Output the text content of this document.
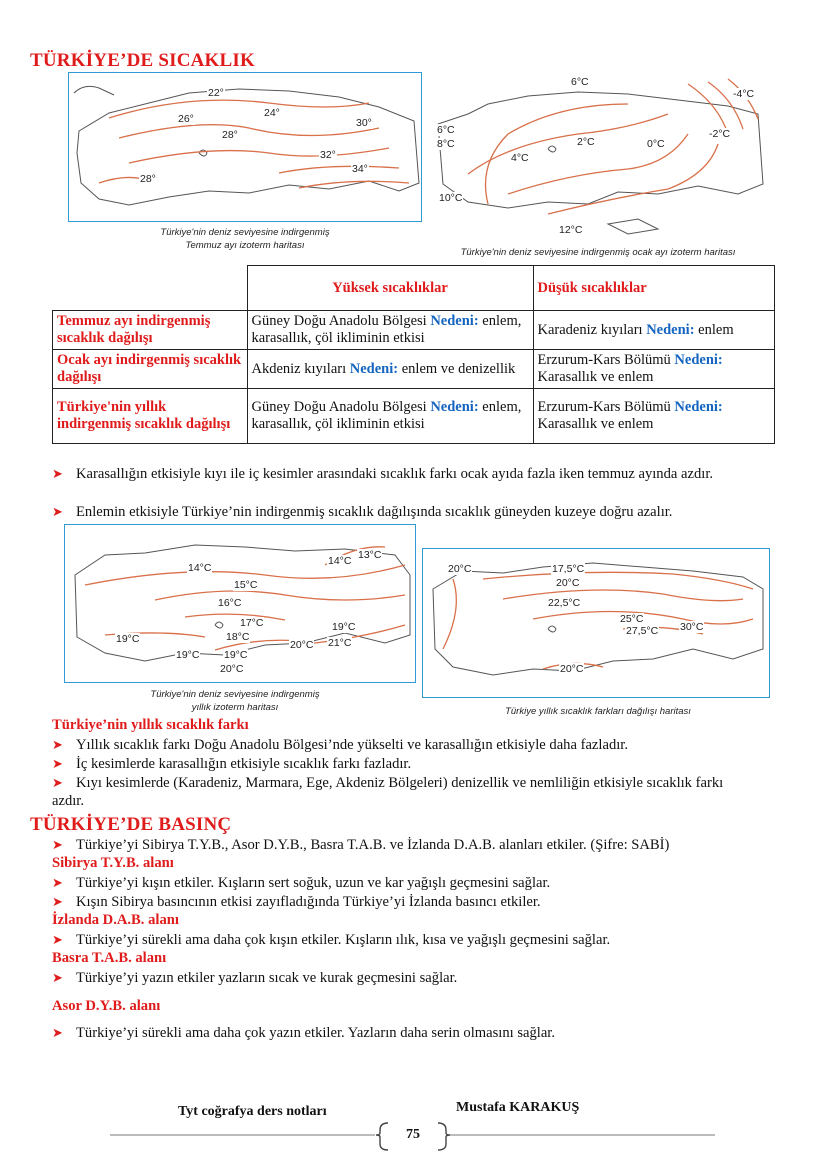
TÜRKİYE’DE SICAKLIK
22°
26°	24°
28°
30°
32°
34°
28°
Türkiye'nin deniz seviyesine indirgenmiş
Temmuz ayı izoterm haritası
6°C
-4°C
6°C
8°C	2°C	0°C
-2°C
4°C
10°C
12°C
Türkiye'nin deniz seviyesine indirgenmiş ocak ayı izoterm haritası
	Yüksek sıcaklıklar	Düşük sıcaklıklar
Temmuz ayı indirgenmiş sıcaklık dağılışı	Güney Doğu Anadolu Bölgesi Nedeni: enlem, karasallık, çöl ikliminin etkisi	Karadeniz kıyıları Nedeni: enlem
Ocak ayı indirgenmiş sıcaklık dağılışı	Akdeniz kıyıları Nedeni: enlem ve denizellik	Erzurum-Kars Bölümü Nedeni: Karasallık ve enlem
Türkiye'nin yıllık indirgenmiş sıcaklık dağılışı	Güney Doğu Anadolu Bölgesi Nedeni: enlem, karasallık, çöl ikliminin etkisi	Erzurum-Kars Bölümü Nedeni: Karasallık ve enlem
➤ Karasallığın etkisiyle kıyı ile iç kesimler arasındaki sıcaklık farkı ocak ayıda fazla iken temmuz ayında azdır.
➤ Enlemin etkisiyle Türkiye’nin indirgenmiş sıcaklık dağılışında sıcaklık güneyden kuzeye doğru azalır.
14°C
14°C 13°C
15°C
16°C
17°C
18°C
19°C
19°C 19°C
19°C
20°C 21°C
20°C
Türkiye'nin deniz seviyesine indirgenmiş
yıllık izoterm haritası
20°C	17,5°C
20°C
22,5°C
25°C
27,5°C 30°C
20°C
Türkiye yıllık sıcaklık farkları dağılışı haritası
Türkiye’nin yıllık sıcaklık farkı
➤ Yıllık sıcaklık farkı Doğu Anadolu Bölgesi’nde yükselti ve karasallığın etkisiyle daha fazladır.
➤ İç kesimlerde karasallığın etkisiyle sıcaklık farkı fazladır.
➤ Kıyı kesimlerde (Karadeniz, Marmara, Ege, Akdeniz Bölgeleri) denizellik ve nemliliğin etkisiyle sıcaklık farkı azdır.
TÜRKİYE’DE BASINÇ
➤ Türkiye’yi Sibirya T.Y.B., Asor D.Y.B., Basra T.A.B. ve İzlanda D.A.B. alanları etkiler. (Şifre: SABİ)
Sibirya T.Y.B. alanı
➤ Türkiye’yi kışın etkiler. Kışların sert soğuk, uzun ve kar yağışlı geçmesini sağlar.
➤ Kışın Sibirya basıncının etkisi zayıfladığında Türkiye’yi İzlanda basıncı etkiler.
İzlanda D.A.B. alanı
➤ Türkiye’yi sürekli ama daha çok kışın etkiler. Kışların ılık, kısa ve yağışlı geçmesini sağlar.
Basra T.A.B. alanı
➤ Türkiye’yi yazın etkiler yazların sıcak ve kurak geçmesini sağlar.
Asor D.Y.B. alanı
➤ Türkiye’yi sürekli ama daha çok yazın etkiler. Yazların daha serin olmasını sağlar.
Tyt coğrafya ders notları	Mustafa KARAKUŞ
75
